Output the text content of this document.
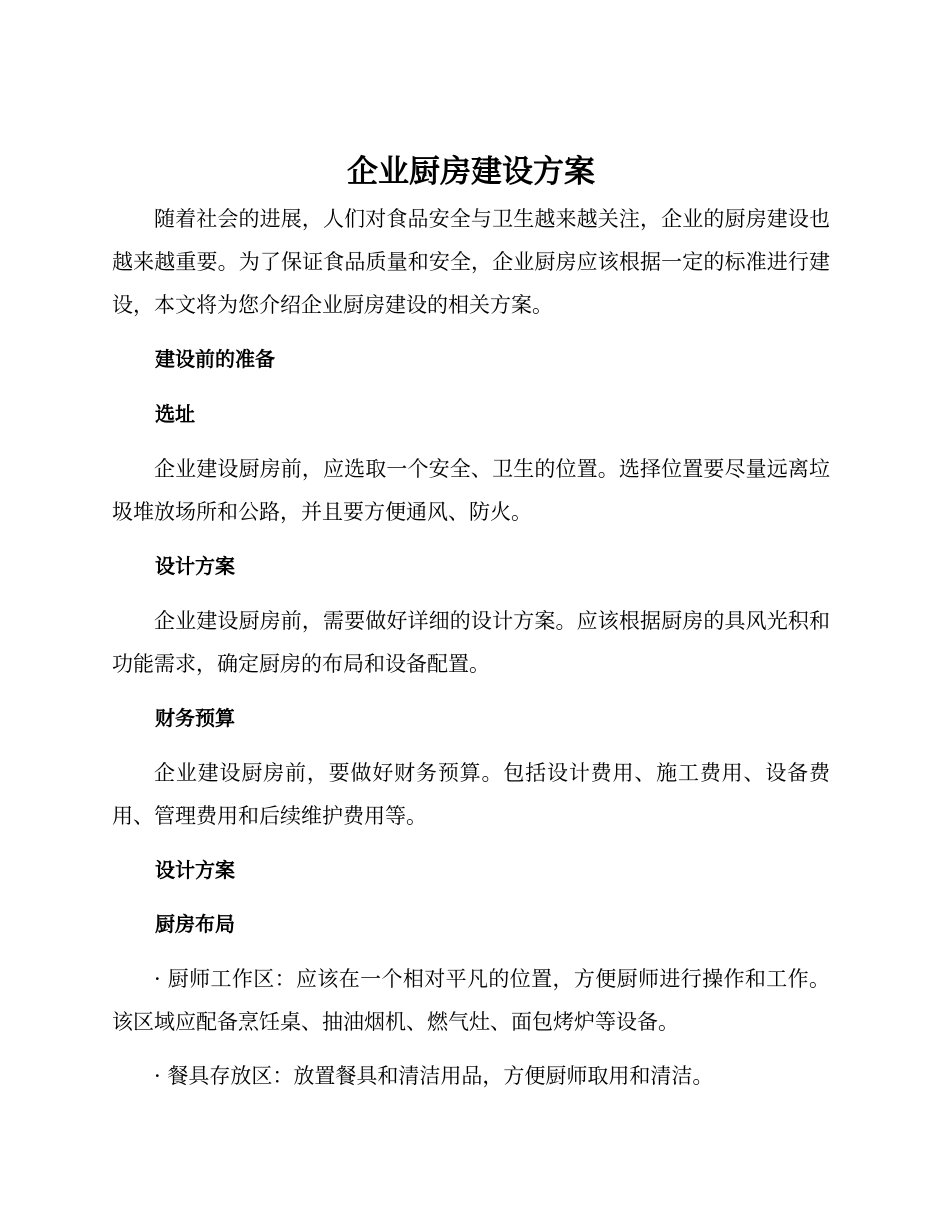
企业厨房建设方案

随着社会的进展，人们对食品安全与卫生越来越关注，企业的厨房建设也越来越重要。为了保证食品质量和安全，企业厨房应该根据一定的标准进行建设，本文将为您介绍企业厨房建设的相关方案。

建设前的准备
选址

企业建设厨房前，应选取一个安全、卫生的位置。选择位置要尽量远离垃圾堆放场所和公路，并且要方便通风、防火。

设计方案

企业建设厨房前，需要做好详细的设计方案。应该根据厨房的具风光积和功能需求，确定厨房的布局和设备配置。

财务预算

企业建设厨房前，要做好财务预算。包括设计费用、施工费用、设备费用、管理费用和后续维护费用等。

设计方案
厨房布局

· 厨师工作区：应该在一个相对平凡的位置，方便厨师进行操作和工作。该区域应配备烹饪桌、抽油烟机、燃气灶、面包烤炉等设备。

· 餐具存放区：放置餐具和清洁用品，方便厨师取用和清洁。
